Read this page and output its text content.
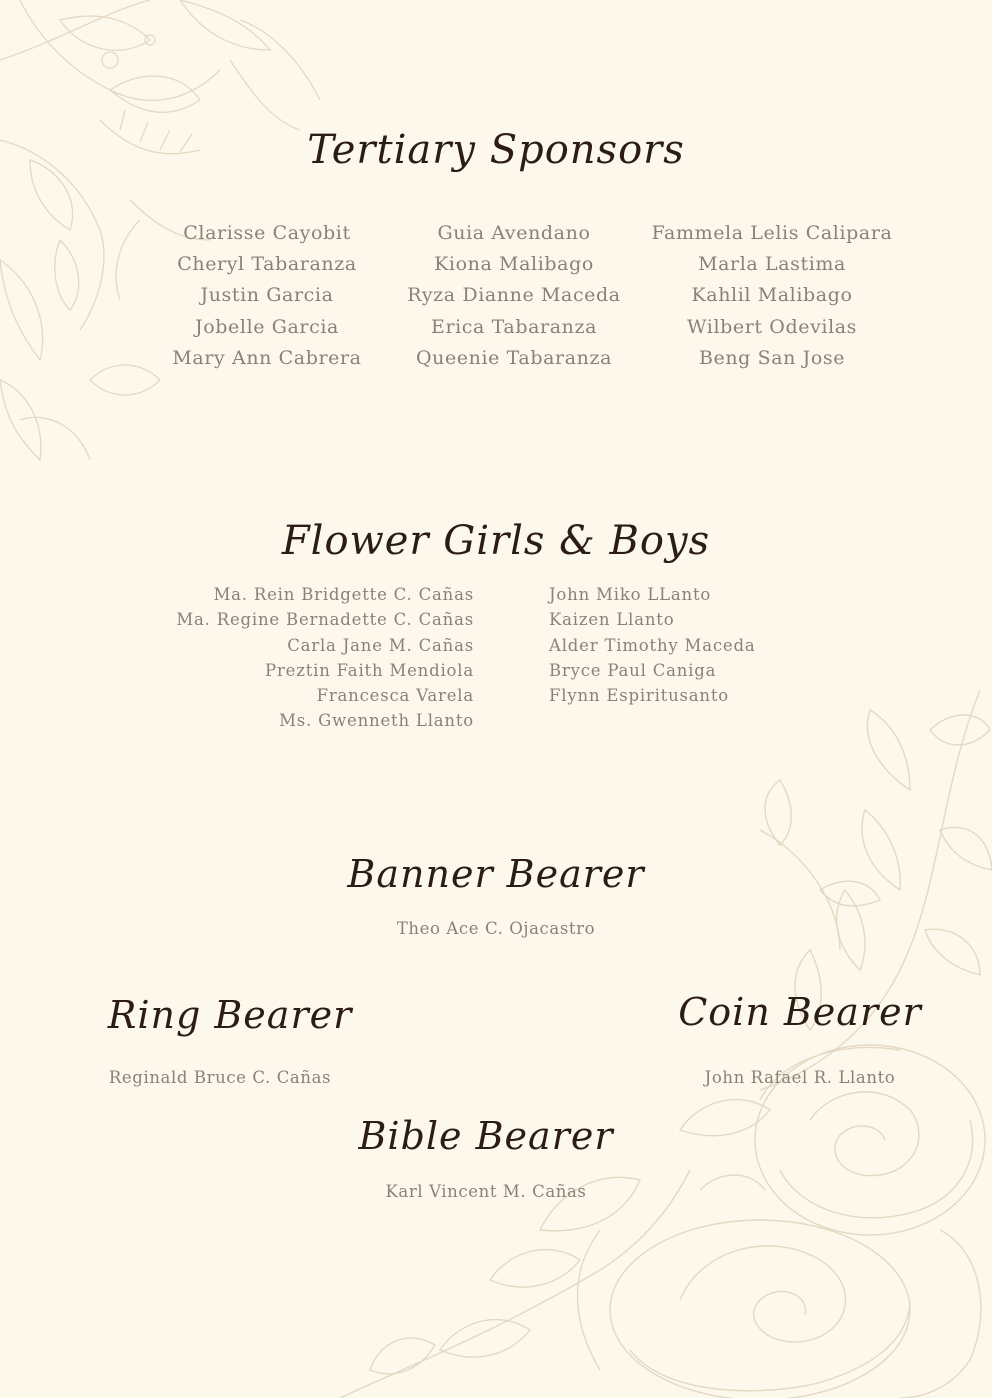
Tertiary Sponsors
Clarisse Cayobit
Cheryl Tabaranza
Justin Garcia
Jobelle Garcia
Mary Ann Cabrera
Guia Avendano
Kiona Malibago
Ryza Dianne Maceda
Erica Tabaranza
Queenie Tabaranza
Fammela Lelis Calipara
Marla Lastima
Kahlil Malibago
Wilbert Odevilas
Beng San Jose
Flower Girls & Boys
Ma. Rein Bridgette C. Cañas
Ma. Regine Bernadette C. Cañas
Carla Jane M. Cañas
Preztin Faith Mendiola
Francesca Varela
Ms. Gwenneth Llanto
John Miko LLanto
Kaizen Llanto
Alder Timothy Maceda
Bryce Paul Caniga
Flynn Espiritusanto
Banner Bearer

Theo Ace C. Ojacastro

Ring Bearer

Reginald Bruce C. Cañas

Coin Bearer

John Rafael R. Llanto

Bible Bearer

Karl Vincent M. Cañas
